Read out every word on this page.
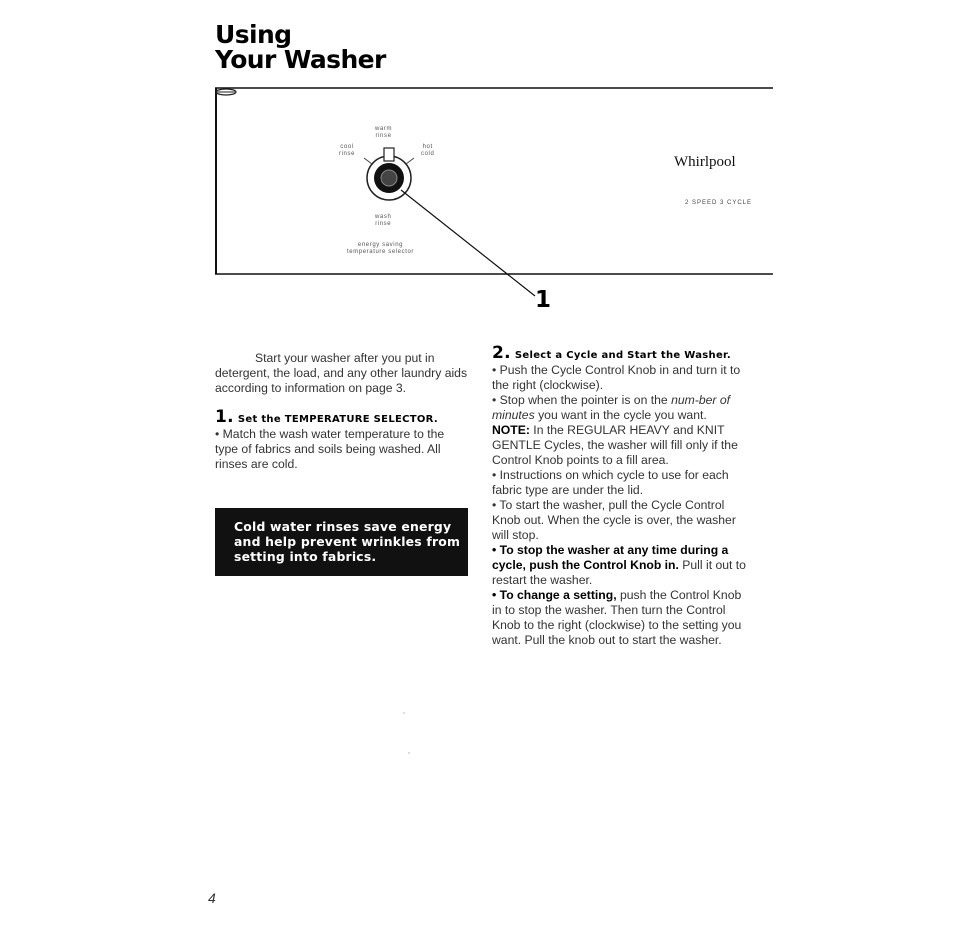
Using
Your Washer
warm
rinse
cool
rinse
hot
cold
wash
rinse
energy saving
temperature selector
Whirlpool
2 SPEED 3 CYCLE
1

Start your washer after you put in detergent, the load, and any other laundry aids according to information on page 3.

1. Set the TEMPERATURE SELECTOR.

• Match the wash water temperature to the type of fabrics and soils being washed. All rinses are cold.

Cold water rinses save energy and help prevent wrinkles from setting into fabrics.

2. Select a Cycle and Start the Washer.

• Push the Cycle Control Knob in and turn it to the right (clockwise).

• Stop when the pointer is on the num-ber of minutes you want in the cycle you want. NOTE: In the REGULAR HEAVY and KNIT GENTLE Cycles, the washer will fill only if the Control Knob points to a fill area.

• Instructions on which cycle to use for each fabric type are under the lid.

• To start the washer, pull the Cycle Control Knob out. When the cycle is over, the washer will stop.

• To stop the washer at any time during a cycle, push the Control Knob in. Pull it out to restart the washer.

• To change a setting, push the Control Knob in to stop the washer. Then turn the Control Knob to the right (clockwise) to the setting you want. Pull the knob out to start the washer.

4
